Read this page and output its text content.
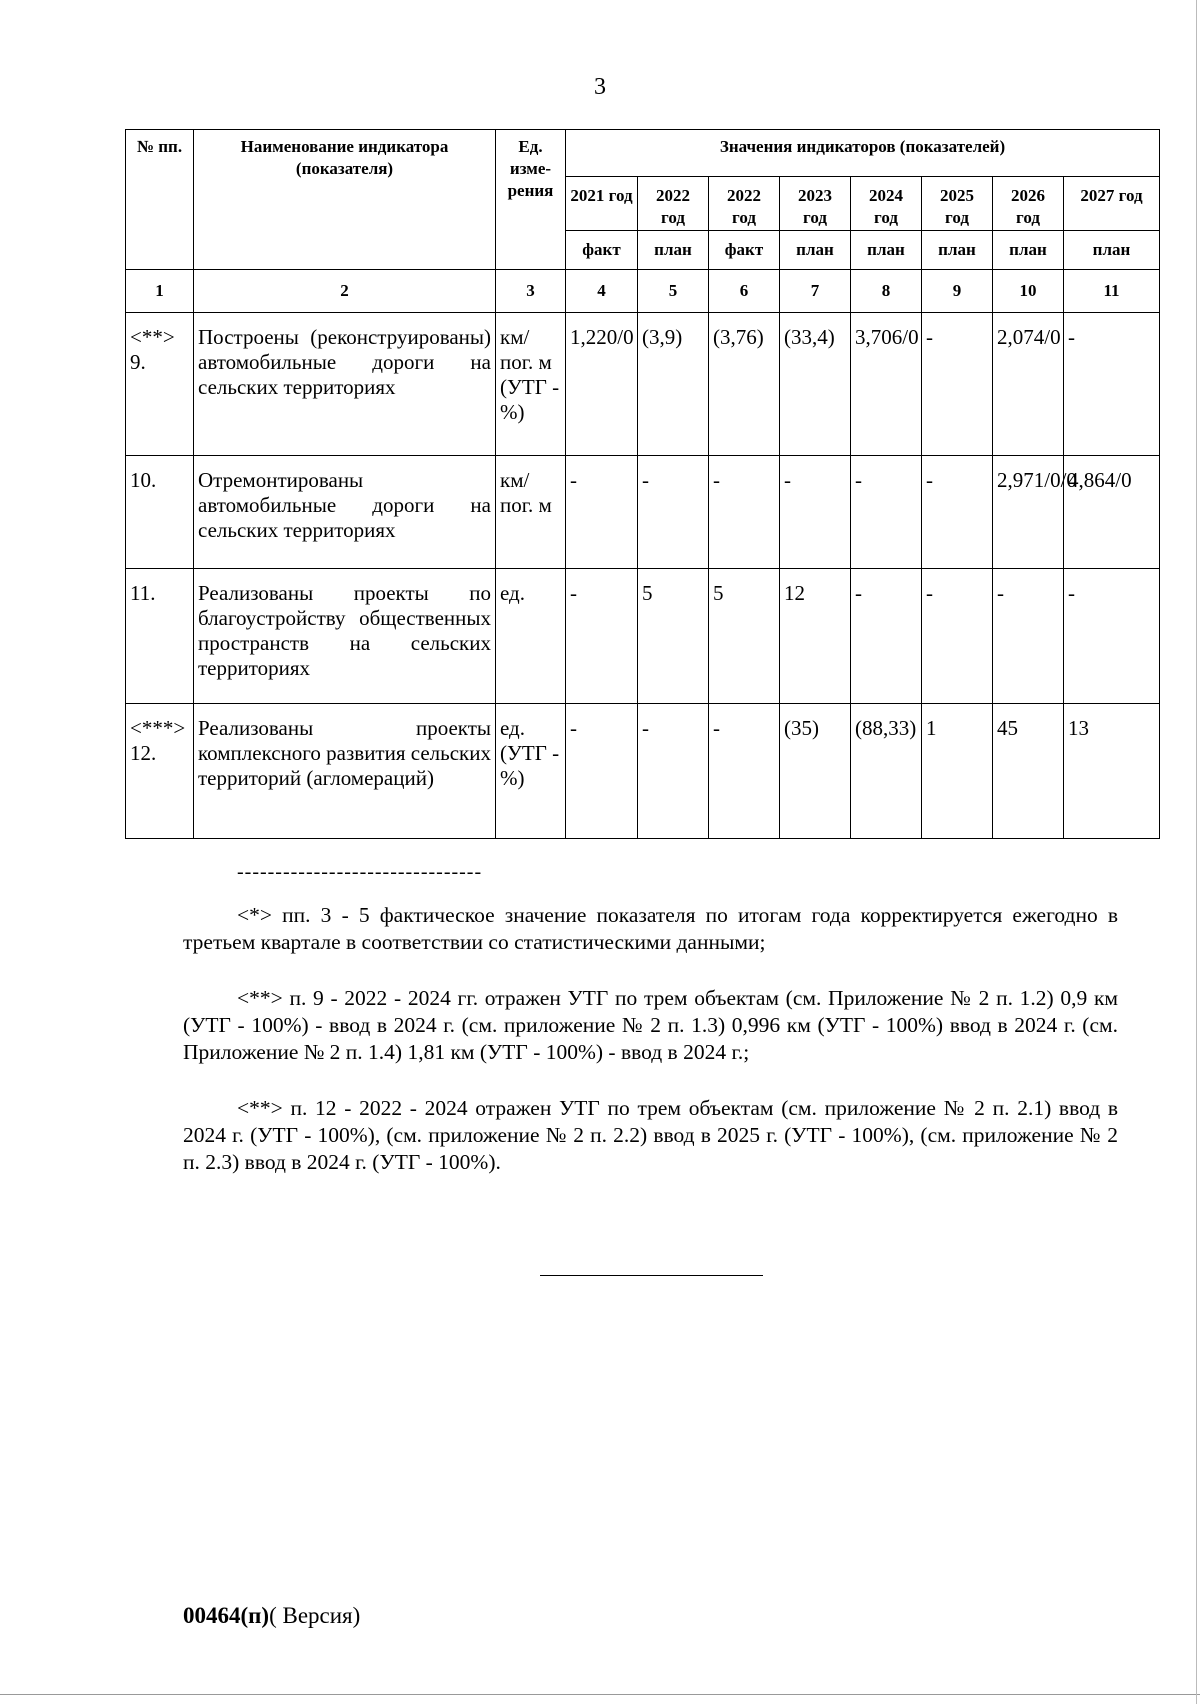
3
№ пп.	Наименование индикатора (показателя)	Ед. изме-рения	Значения индикаторов (показателей)							
			2021 год	2022 год	2022 год	2023 год	2024 год	2025 год	2026 год	2027 год
			факт	план	факт	план	план	план	план	план
1	2	3	4	5	6	7	8	9	10	11
<**> 9.	Построены (реконструированы) автомобильные дороги на сельских территориях	км/пог. м (УТГ - %)	1,220/0	(3,9)	(3,76)	(33,4)	3,706/0	-	2,074/0	-
10.	Отремонтированы автомобильные дороги на сельских территориях	км/пог. м	-	-	-	-	-	-	2,971/0/0	4,864/0
11.	Реализованы проекты по благоустройству общественных пространств на сельских территориях	ед.	-	5	5	12	-	-	-	-
<***> 12.	Реализованы проекты комплексного развития сельских территорий (агломераций)	ед. (УТГ - %)	-	-	-	(35)	(88,33)	1	45	13
--------------------------------

<*> пп. 3 - 5 фактическое значение показателя по итогам года корректируется ежегодно в третьем квартале в соответствии со статистическими данными;

<**> п. 9 - 2022 - 2024 гг. отражен УТГ по трем объектам (см. Приложение № 2 п. 1.2) 0,9 км (УТГ - 100%) - ввод в 2024 г. (см. приложение № 2 п. 1.3) 0,996 км (УТГ - 100%) ввод в 2024 г. (см. Приложение № 2 п. 1.4) 1,81 км (УТГ - 100%) - ввод в 2024 г.;

<**> п. 12 - 2022 - 2024 отражен УТГ по трем объектам (см. приложение № 2 п. 2.1) ввод в 2024 г. (УТГ - 100%), (см. приложение № 2 п. 2.2) ввод в 2025 г. (УТГ - 100%), (см. приложение № 2 п. 2.3) ввод в 2024 г. (УТГ - 100%).

00464(п)( Версия)
